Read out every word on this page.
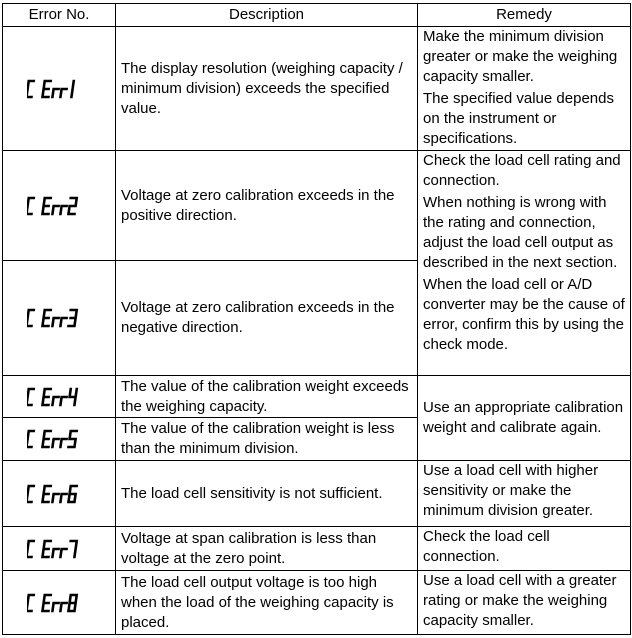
Error No.	Description	Remedy

	The display resolution (weighing capacity / minimum division) exceeds the specified value.	Make the minimum division greater or make the weighing capacity smaller.

The specified value depends on the instrument or specifications.

	Voltage at zero calibration exceeds in the positive direction.	Check the load cell rating and connection.

When nothing is wrong with the rating and connection, adjust the load cell output as described in the next section.

When the load cell or A/D converter may be the cause of error, confirm this by using the check mode.

	Voltage at zero calibration exceeds in the negative direction.	

	The value of the calibration weight exceeds the weighing capacity.	Use an appropriate calibration weight and calibrate again.

	The value of the calibration weight is less than the minimum division.	

	The load cell sensitivity is not sufficient.	Use a load cell with higher sensitivity or make the minimum division greater.

	Voltage at span calibration is less than voltage at the zero point.	Check the load cell connection.

	The load cell output voltage is too high when the load of the weighing capacity is placed.	Use a load cell with a greater rating or make the weighing capacity smaller.
